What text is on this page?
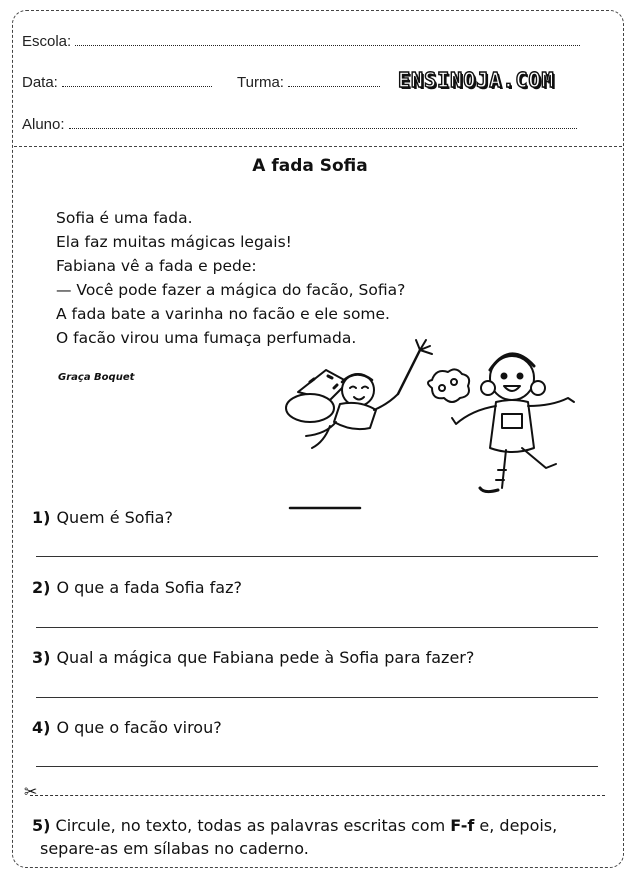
Escola:
Data:	Turma:	ENSINOJA.COM
Aluno:
A fada Sofia
Sofia é uma fada.
Ela faz muitas mágicas legais!
Fabiana vê a fada e pede:
— Você pode fazer a mágica do facão, Sofia?
A fada bate a varinha no facão e ele some.
O facão virou uma fumaça perfumada.
Graça Boquet
1) Quem é Sofia?
2) O que a fada Sofia faz?
3) Qual a mágica que Fabiana pede à Sofia para fazer?
4) O que o facão virou?
✂
5) Circule, no texto, todas as palavras escritas com F-f e, depois,
separe-as em sílabas no caderno.
